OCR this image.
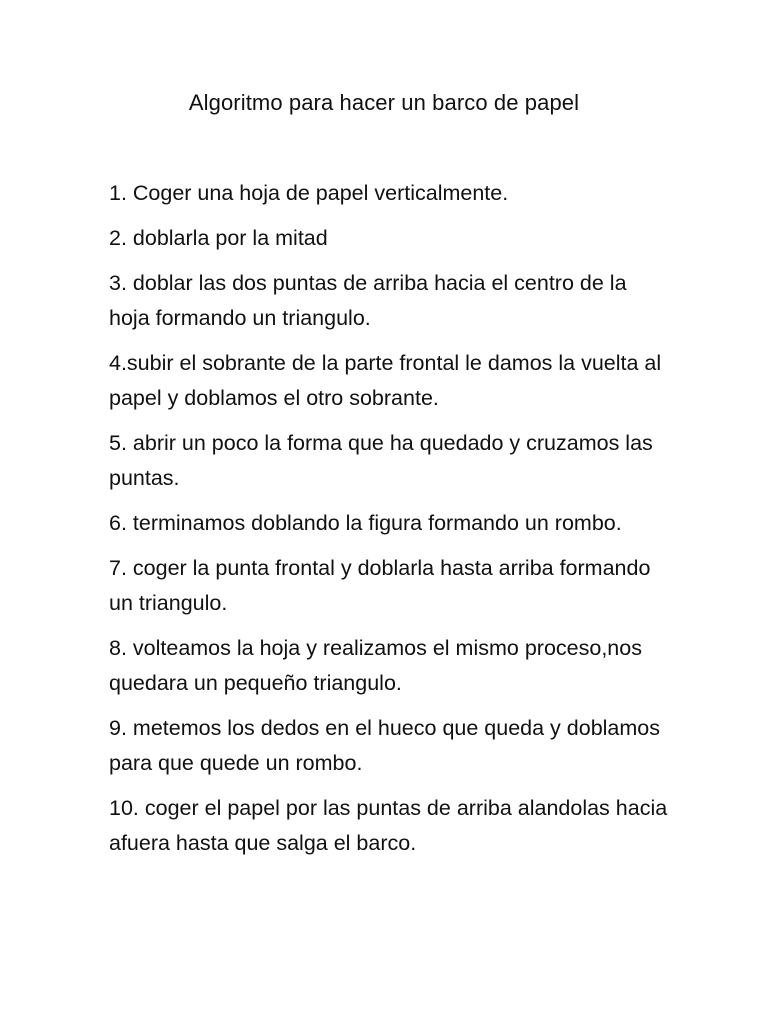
Algoritmo para hacer un barco de papel
1. Coger una hoja de papel verticalmente.
2. doblarla por la mitad
3. doblar las dos puntas de arriba hacia el centro de la hoja formando un triangulo.
4.subir el sobrante de la parte frontal le damos la vuelta al papel y doblamos el otro sobrante.
5. abrir un poco la forma que ha quedado y cruzamos las puntas.
6. terminamos doblando la figura formando un rombo.
7. coger la punta frontal y doblarla hasta arriba formando un triangulo.
8. volteamos la hoja y realizamos el mismo proceso,nos quedara un pequeño triangulo.
9. metemos los dedos en el hueco que queda y doblamos para que quede un rombo.
10. coger el papel por las puntas de arriba alandolas hacia afuera hasta que salga el barco.
